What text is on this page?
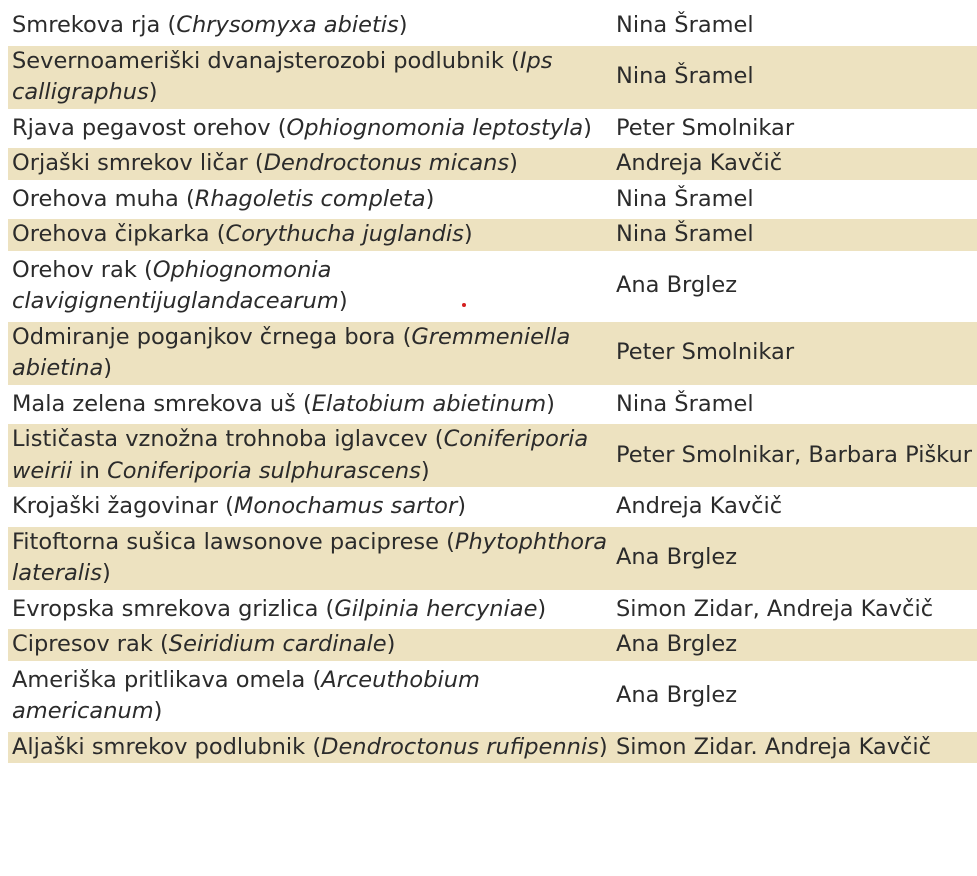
Smrekova rja (Chrysomyxa abietis)	Nina Šramel
Severnoameriški dvanajsterozobi podlubnik (Ips calligraphus)	Nina Šramel
Rjava pegavost orehov (Ophiognomonia leptostyla)	Peter Smolnikar
Orjaški smrekov ličar (Dendroctonus micans)	Andreja Kavčič
Orehova muha (Rhagoletis completa)	Nina Šramel
Orehova čipkarka (Corythucha juglandis)	Nina Šramel
Orehov rak (Ophiognomonia clavigignentijuglandacearum)	Ana Brglez
Odmiranje poganjkov črnega bora (Gremmeniella abietina)	Peter Smolnikar
Mala zelena smrekova uš (Elatobium abietinum)	Nina Šramel
Lističasta vznožna trohnoba iglavcev (Coniferiporia weirii in Coniferiporia sulphurascens)	Peter Smolnikar, Barbara Piškur
Krojaški žagovinar (Monochamus sartor)	Andreja Kavčič
Fitoftorna sušica lawsonove paciprese (Phytophthora lateralis)	Ana Brglez
Evropska smrekova grizlica (Gilpinia hercyniae)	Simon Zidar, Andreja Kavčič
Cipresov rak (Seiridium cardinale)	Ana Brglez
Ameriška pritlikava omela (Arceuthobium americanum)	Ana Brglez
Aljaški smrekov podlubnik (Dendroctonus rufipennis)	Simon Zidar. Andreja Kavčič
